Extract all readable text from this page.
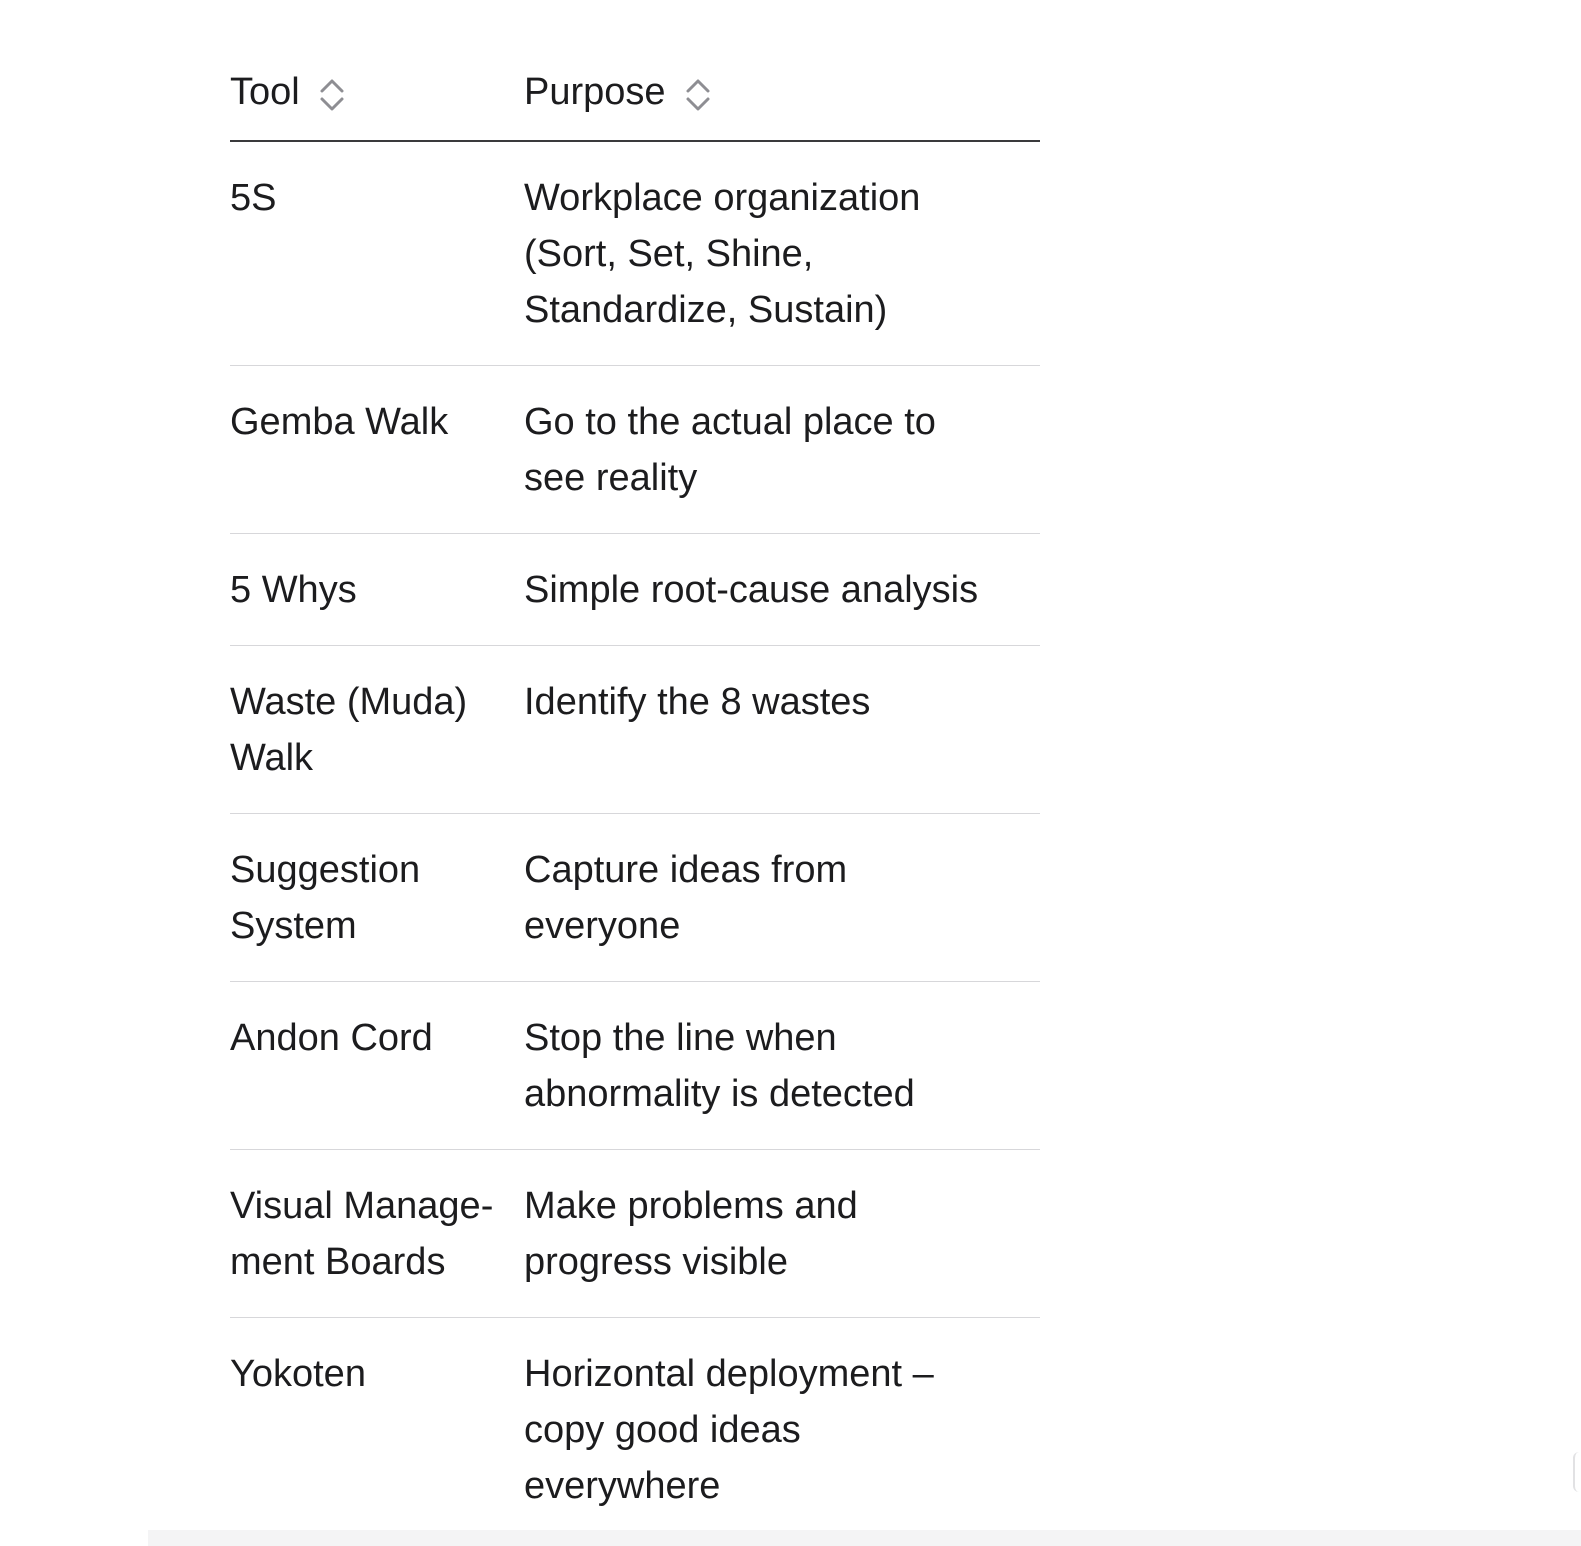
Tool	Purpose

5S	Workplace organization (Sort, Set, Shine, Standardize, Sustain)
Gemba Walk	Go to the actual place to see reality
5 Whys	Simple root-cause analysis
Waste (Muda) Walk	Identify the 8 wastes
Suggestion System	Capture ideas from everyone
Andon Cord	Stop the line when abnormality is detected
Visual Management Boards	Make problems and progress visible
Yokoten	Horizontal deployment – copy good ideas everywhere
